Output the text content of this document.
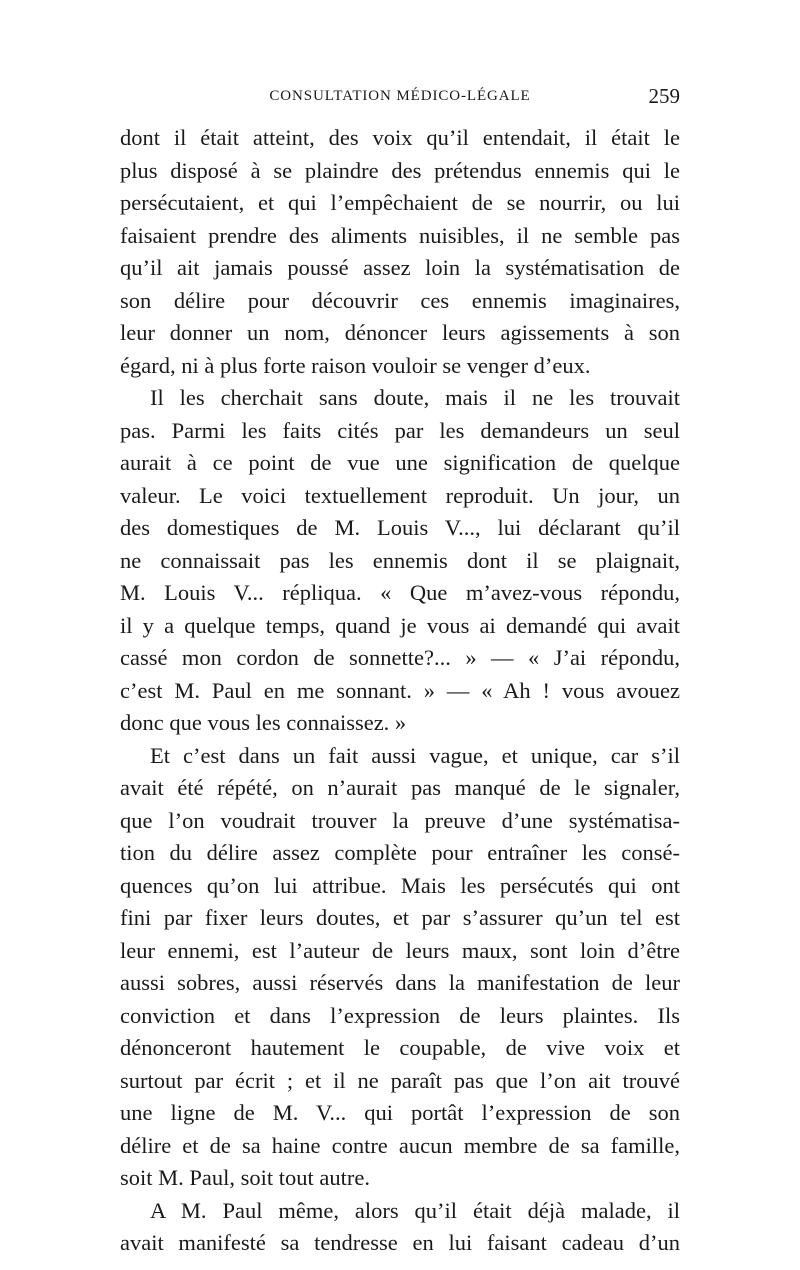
CONSULTATION MÉDICO-LÉGALE	259
dont il était atteint, des voix qu’il entendait, il était le
plus disposé à se plaindre des prétendus ennemis qui le
persécutaient, et qui l’empêchaient de se nourrir, ou lui
faisaient prendre des aliments nuisibles, il ne semble pas
qu’il ait jamais poussé assez loin la systématisation de
son délire pour découvrir ces ennemis imaginaires,
leur donner un nom, dénoncer leurs agissements à son
égard, ni à plus forte raison vouloir se venger d’eux.
Il les cherchait sans doute, mais il ne les trouvait
pas. Parmi les faits cités par les demandeurs un seul
aurait à ce point de vue une signification de quelque
valeur. Le voici textuellement reproduit. Un jour, un
des domestiques de M. Louis V..., lui déclarant qu’il
ne connaissait pas les ennemis dont il se plaignait,
M. Louis V... répliqua. « Que m’avez-vous répondu,
il y a quelque temps, quand je vous ai demandé qui avait
cassé mon cordon de sonnette?... » — « J’ai répondu,
c’est M. Paul en me sonnant. » — « Ah ! vous avouez
donc que vous les connaissez. »
Et c’est dans un fait aussi vague, et unique, car s’il
avait été répété, on n’aurait pas manqué de le signaler,
que l’on voudrait trouver la preuve d’une systématisa-
tion du délire assez complète pour entraîner les consé-
quences qu’on lui attribue. Mais les persécutés qui ont
fini par fixer leurs doutes, et par s’assurer qu’un tel est
leur ennemi, est l’auteur de leurs maux, sont loin d’être
aussi sobres, aussi réservés dans la manifestation de leur
conviction et dans l’expression de leurs plaintes. Ils
dénonceront hautement le coupable, de vive voix et
surtout par écrit ; et il ne paraît pas que l’on ait trouvé
une ligne de M. V... qui portât l’expression de son
délire et de sa haine contre aucun membre de sa famille,
soit M. Paul, soit tout autre.
A M. Paul même, alors qu’il était déjà malade, il
avait manifesté sa tendresse en lui faisant cadeau d’un
